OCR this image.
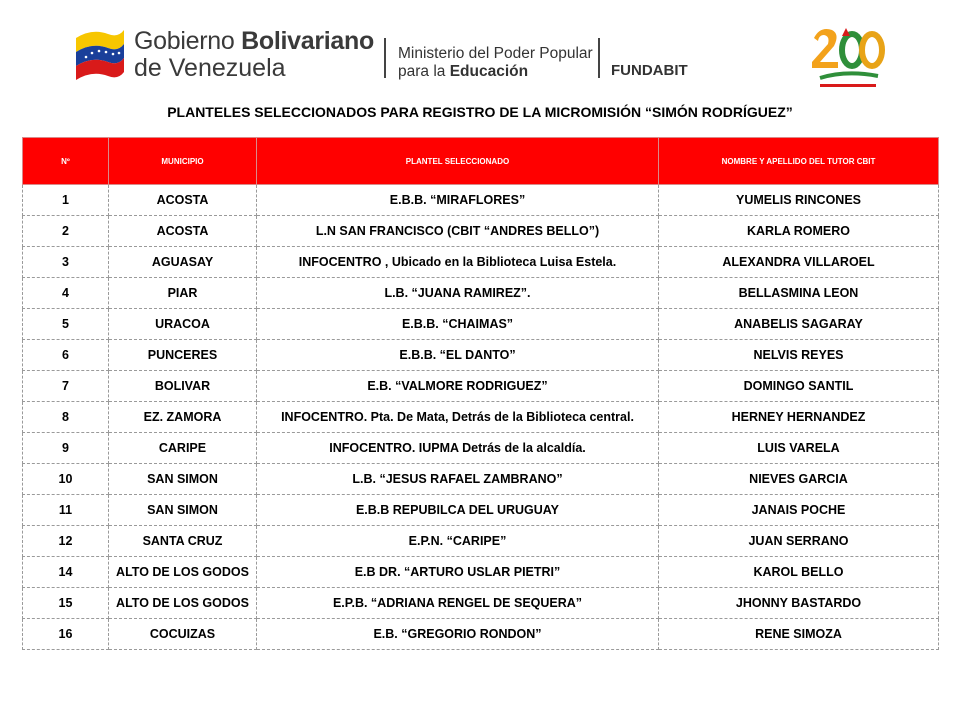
Gobierno Bolivariano
de Venezuela
Ministerio del Poder Popular
para la Educación	FUNDABIT
PLANTELES SELECCIONADOS PARA REGISTRO DE LA MICROMISIÓN “SIMÓN RODRÍGUEZ”
Nº	MUNICIPIO	PLANTEL SELECCIONADO	NOMBRE Y APELLIDO DEL TUTOR CBIT
1	ACOSTA	E.B.B. “MIRAFLORES”	YUMELIS RINCONES
2	ACOSTA	L.N SAN FRANCISCO (CBIT “ANDRES BELLO”)	KARLA ROMERO
3	AGUASAY	INFOCENTRO , Ubicado en la Biblioteca Luisa Estela.	ALEXANDRA VILLAROEL
4	PIAR	L.B. “JUANA RAMIREZ”.	BELLASMINA LEON
5	URACOA	E.B.B. “CHAIMAS”	ANABELIS SAGARAY
6	PUNCERES	E.B.B. “EL DANTO”	NELVIS REYES
7	BOLIVAR	E.B. “VALMORE RODRIGUEZ”	DOMINGO SANTIL
8	EZ. ZAMORA	INFOCENTRO. Pta. De Mata, Detrás de la Biblioteca central.	HERNEY HERNANDEZ
9	CARIPE	INFOCENTRO. IUPMA Detrás de la alcaldía.	LUIS VARELA
10	SAN SIMON	L.B. “JESUS RAFAEL ZAMBRANO”	NIEVES GARCIA
11	SAN SIMON	E.B.B REPUBILCA DEL URUGUAY	JANAIS POCHE
12	SANTA CRUZ	E.P.N. “CARIPE”	JUAN SERRANO
14	ALTO DE LOS GODOS	E.B DR. “ARTURO USLAR PIETRI”	KAROL BELLO
15	ALTO DE LOS GODOS	E.P.B. “ADRIANA RENGEL DE SEQUERA”	JHONNY BASTARDO
16	COCUIZAS	E.B. “GREGORIO RONDON”	RENE SIMOZA
